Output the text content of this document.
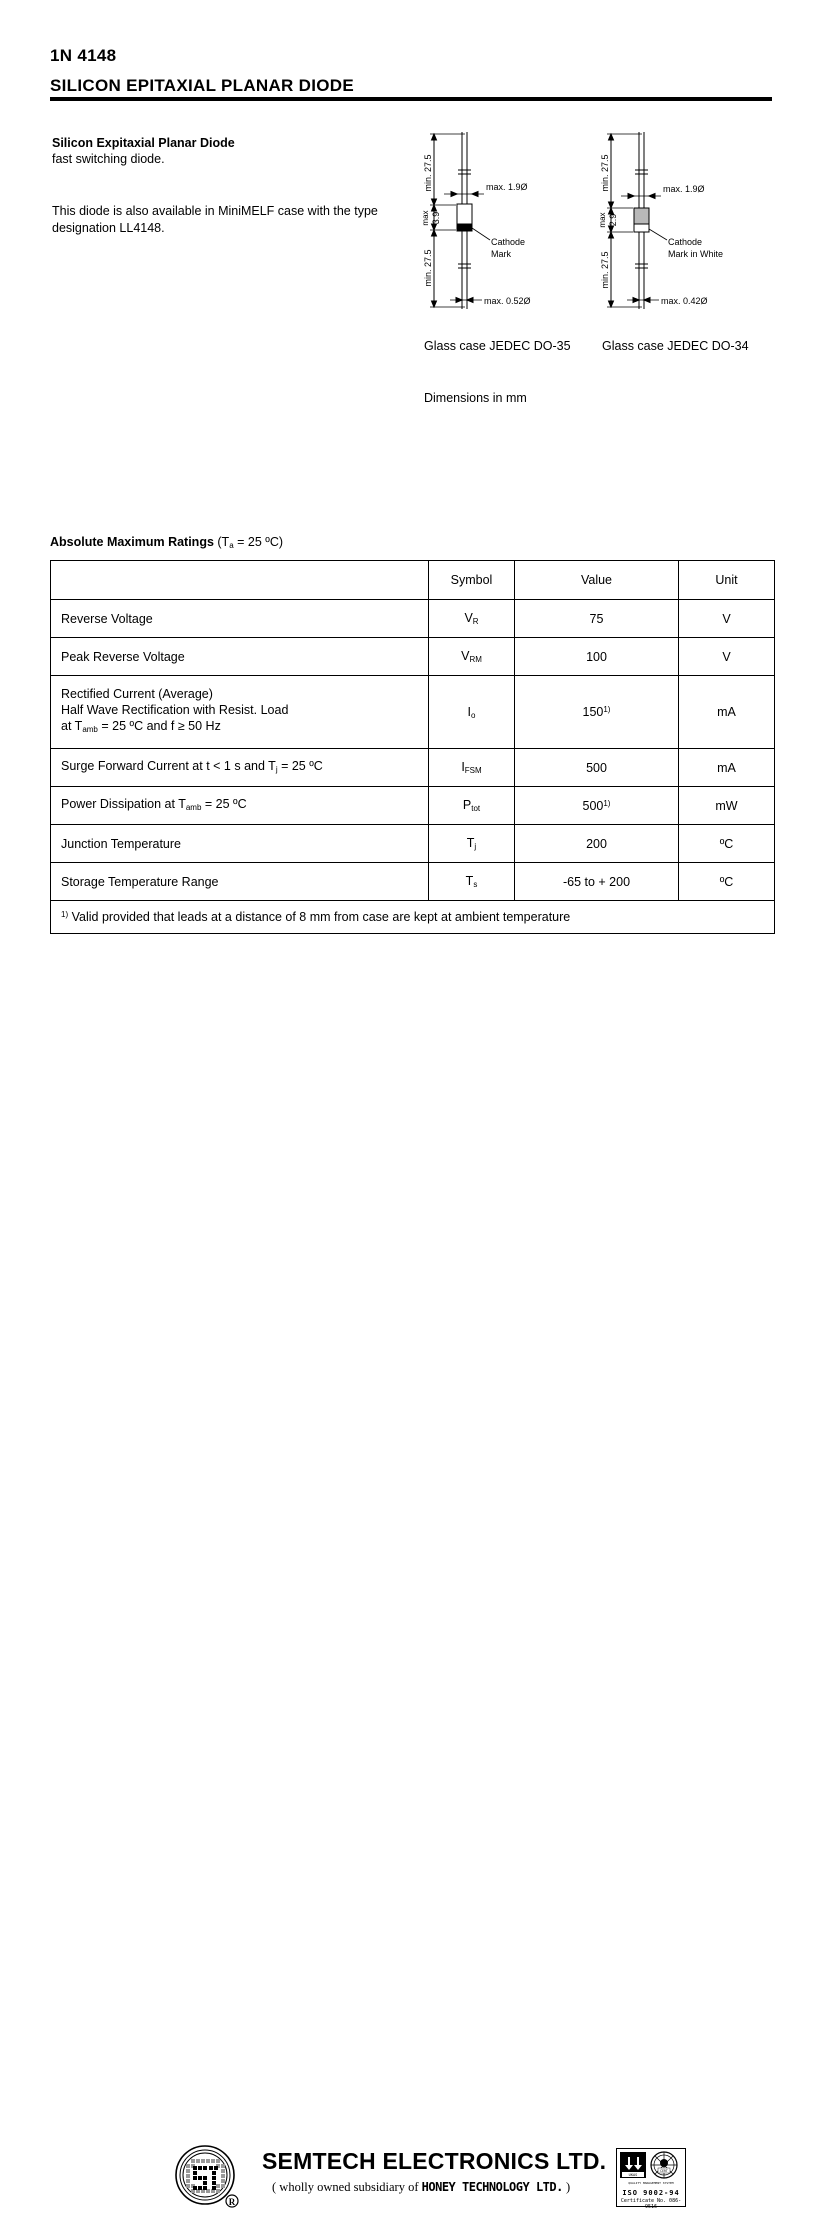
1N 4148
SILICON EPITAXIAL PLANAR DIODE
Silicon Expitaxial Planar Diode
fast switching diode.
This diode is also available in MiniMELF case with the type
designation LL4148.
min. 27.5
max 3.9
min. 27.5
max. 1.9Ø
max. 0.52Ø
Cathode
Mark
min. 27.5
max 2.9
min. 27.5
max. 1.9Ø
max. 0.42Ø
Cathode
Mark in White
Glass case JEDEC DO-35	Glass case JEDEC DO-34
Dimensions in mm
Absolute Maximum Ratings ($T_a = 25$ ºC)
	Symbol	Value	Unit
Reverse Voltage	$V_R$	75	V
Peak Reverse Voltage	$V_{RM}$	100	V

Rectified Current (Average)
Half Wave Rectification with Resist. Load
at $T_{amb} = 25$ ºC and f ≥ 50 Hz	$I_o$	150$^{1)}$	mA
Surge Forward Current at t < 1 s and $T_j = 25$ ºC	$I_{FSM}$	500	mA
Power Dissipation at $T_{amb} = 25$ ºC	$P_{tot}$	500$^{1)}$	mW
Junction Temperature	$T_j$	200	ºC
Storage Temperature Range	$T_s$	-65 to + 200	ºC
$^{1)}$ Valid provided that leads at a distance of 8 mm from case are kept at ambient temperature			
R
SEMTECH ELECTRONICS LTD.
( wholly owned subsidiary of HONEY TECHNOLOGY LTD. )
UKAS
CERT
QUALITY MANAGEMENT SYSTEM
ISO 9002-94
Certificate No. 086-9516
